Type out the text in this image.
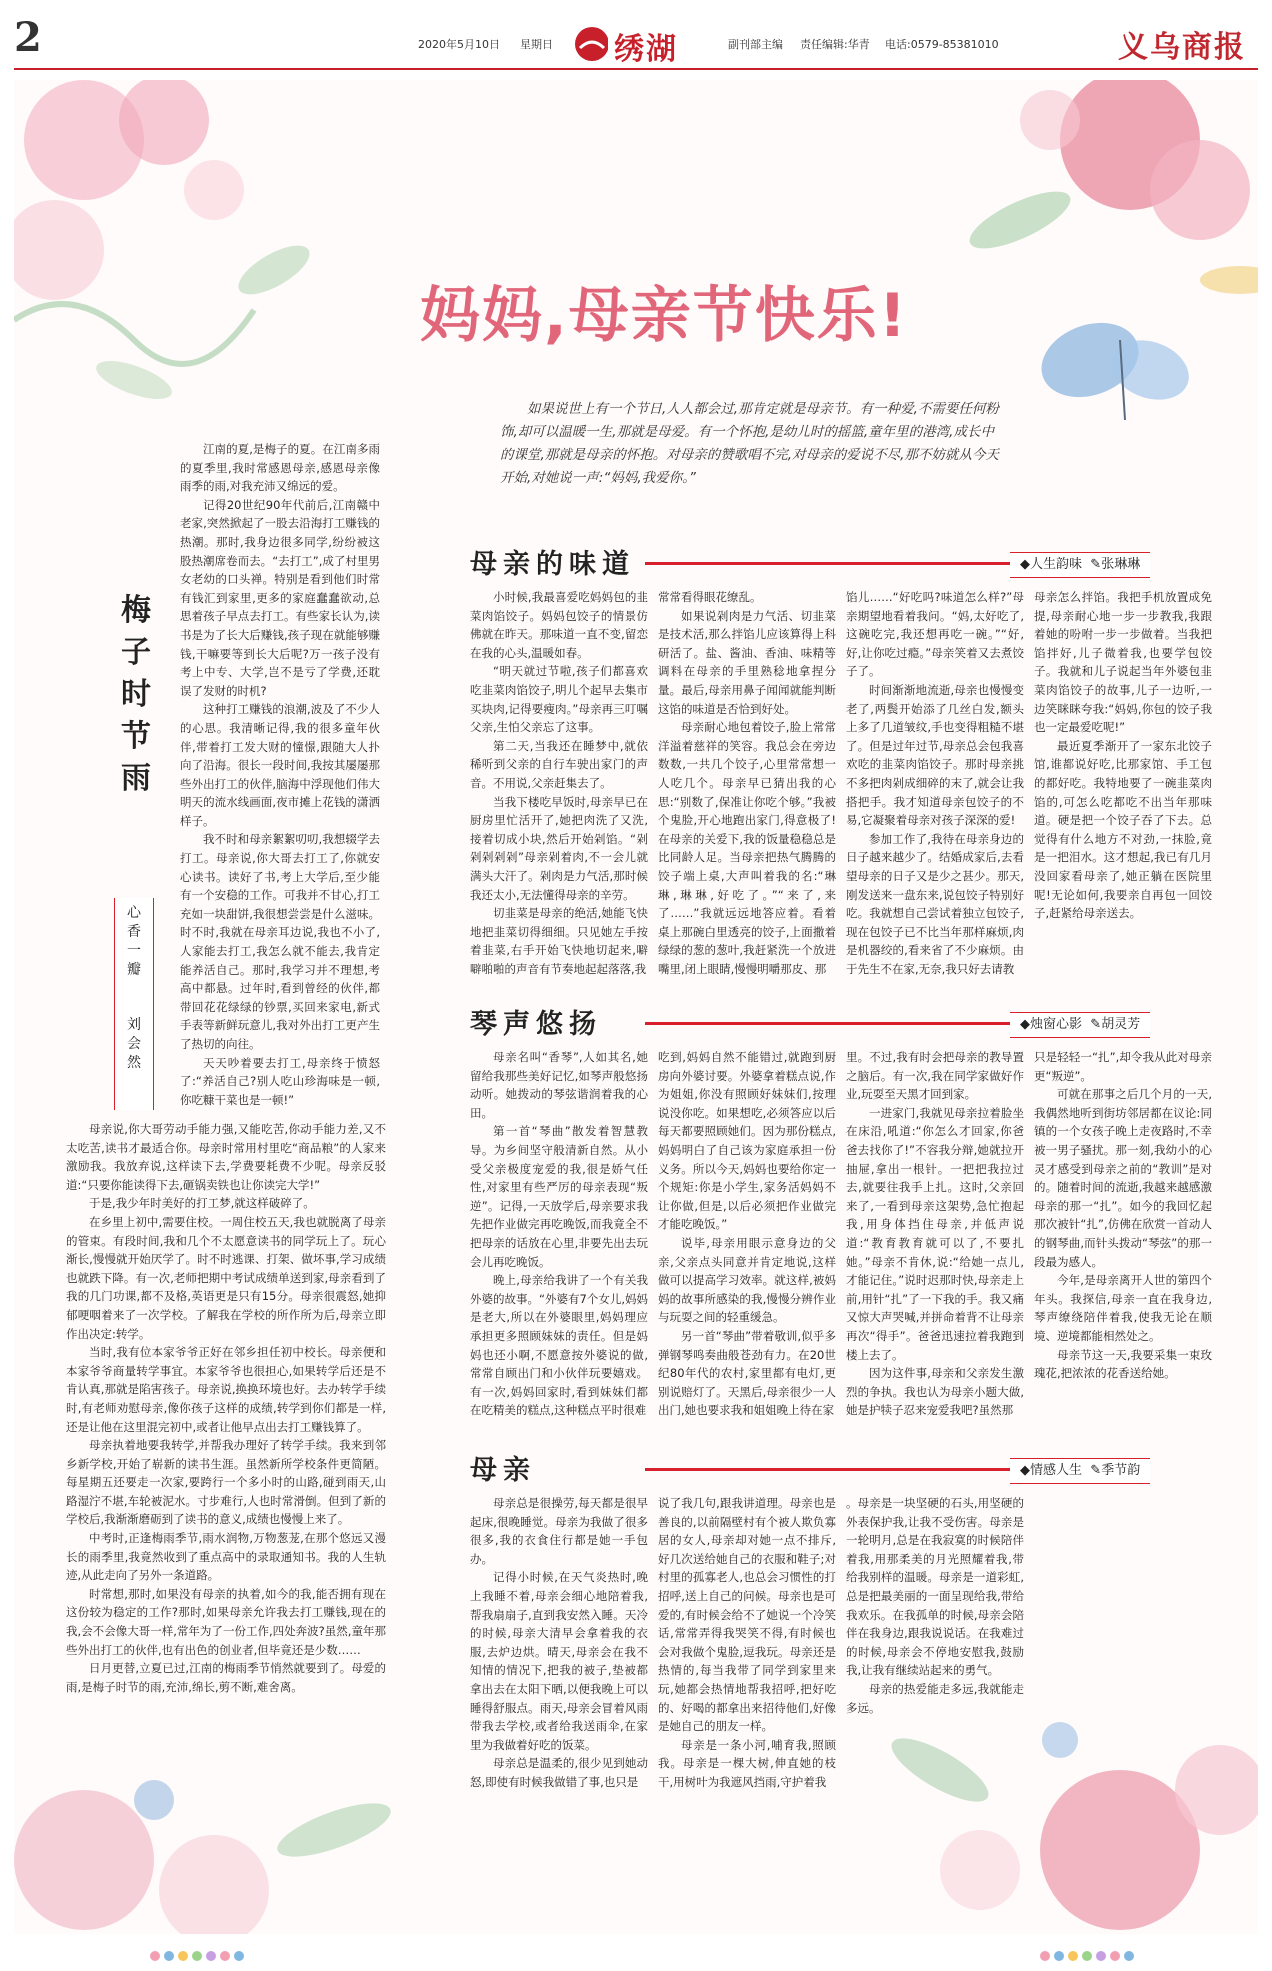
2	2020年5月10日 星期日 绣湖	副刊部主编 责任编辑:华青 电话:0579-85381010	义乌商报
妈妈,母亲节快乐!
如果说世上有一个节日,人人都会过,那肯定就是母亲节。有一种爱,不需要任何粉饰,却可以温暖一生,那就是母爱。有一个怀抱,是幼儿时的摇篮,童年里的港湾,成长中的课堂,那就是母亲的怀抱。对母亲的赞歌唱不完,对母亲的爱说不尽,那不妨就从今天开始,对她说一声:“妈妈,我爱你。”
梅子时节雨
心香一瓣
刘会然

江南的夏,是梅子的夏。在江南多雨的夏季里,我时常感恩母亲,感恩母亲像雨季的雨,对我充沛又绵远的爱。

记得20世纪90年代前后,江南赣中老家,突然掀起了一股去沿海打工赚钱的热潮。那时,我身边很多同学,纷纷被这股热潮席卷而去。“去打工”,成了村里男女老幼的口头禅。特别是看到他们时常有钱汇到家里,更多的家庭蠢蠢欲动,总思着孩子早点去打工。有些家长认为,读书是为了长大后赚钱,孩子现在就能够赚钱,干嘛要等到长大后呢?万一孩子没有考上中专、大学,岂不是亏了学费,还耽误了发财的时机?

这种打工赚钱的浪潮,波及了不少人的心思。我清晰记得,我的很多童年伙伴,带着打工发大财的憧憬,跟随大人扑向了沿海。很长一段时间,我按其屡屡那些外出打工的伙伴,脑海中浮现他们伟大明天的流水线画面,夜市摊上花钱的潇洒样子。

我不时和母亲絮絮叨叨,我想辍学去打工。母亲说,你大哥去打工了,你就安心读书。读好了书,考上大学后,至少能有一个安稳的工作。可我并不甘心,打工充如一块甜饼,我很想尝尝是什么滋味。时不时,我就在母亲耳边说,我也不小了,人家能去打工,我怎么就不能去,我肯定能养活自己。那时,我学习并不理想,考高中都悬。过年时,看到曾经的伙伴,都带回花花绿绿的钞票,买回来家电,新式手表等新鲜玩意儿,我对外出打工更产生了热切的向往。

天天吵着要去打工,母亲终于愤怒了:“养活自己?别人吃山珍海味是一顿,你吃糠干菜也是一顿!”

母亲说,你大哥劳动手能力强,又能吃苦,你动手能力差,又不太吃苦,读书才最适合你。母亲时常用村里吃“商品粮”的人家来激励我。我放弃说,这样读下去,学费要耗费不少呢。母亲反驳道:“只要你能读得下去,砸锅卖铁也让你读完大学!”

于是,我少年时美好的打工梦,就这样破碎了。

在乡里上初中,需要住校。一周住校五天,我也就脱离了母亲的管束。有段时间,我和几个不太愿意读书的同学玩上了。玩心渐长,慢慢就开始厌学了。时不时逃课、打架、做坏事,学习成绩也就跌下降。有一次,老师把期中考试成绩单送到家,母亲看到了我的几门功课,都不及格,英语更是只有15分。母亲很震怒,她抑郁哽咽着来了一次学校。了解我在学校的所作所为后,母亲立即作出决定:转学。

当时,我有位本家爷爷正好在邻乡担任初中校长。母亲便和本家爷爷商量转学事宜。本家爷爷也很担心,如果转学后还是不肯认真,那就是陷害孩子。母亲说,换换环境也好。去办转学手续时,有老师劝慰母亲,像你孩子这样的成绩,转学到你们都是一样,还是让他在这里混完初中,或者让他早点出去打工赚钱算了。

母亲执着地要我转学,并帮我办理好了转学手续。我来到邻乡新学校,开始了崭新的读书生涯。虽然新所学校条件更简陋。每星期五还要走一次家,要跨行一个多小时的山路,碰到雨天,山路湿泞不堪,车轮被泥水。寸步难行,人也时常滑倒。但到了新的学校后,我渐渐磨砺到了读书的意义,成绩也慢慢上来了。

中考时,正逢梅雨季节,雨水润物,万物葱茏,在那个悠远又漫长的雨季里,我竟然收到了重点高中的录取通知书。我的人生轨迹,从此走向了另外一条道路。

时常想,那时,如果没有母亲的执着,如今的我,能否拥有现在这份较为稳定的工作?那时,如果母亲允许我去打工赚钱,现在的我,会不会像大哥一样,常年为了一份工作,四处奔波?虽然,童年那些外出打工的伙伴,也有出色的创业者,但毕竟还是少数……

日月更替,立夏已过,江南的梅雨季节悄然就要到了。母爱的雨,是梅子时节的雨,充沛,绵长,剪不断,难舍离。

母亲的味道	◆人生韵味  ✎张琳琳

小时候,我最喜爱吃妈妈包的韭菜肉馅饺子。妈妈包饺子的情景仿佛就在昨天。那味道一直不变,留恋在我的心头,温暖如春。

“明天就过节啦,孩子们都喜欢吃韭菜肉馅饺子,明儿个起早去集市买块肉,记得要瘦肉。”母亲再三叮嘱父亲,生怕父亲忘了这事。

第二天,当我还在睡梦中,就依稀听到父亲的自行车驶出家门的声音。不用说,父亲赶集去了。

当我下楼吃早饭时,母亲早已在厨房里忙活开了,她把肉洗了又洗,接着切成小块,然后开始剁馅。“剁剁剁剁剁”母亲剁着肉,不一会儿就满头大汗了。剁肉是力气活,那时候我还太小,无法懂得母亲的辛劳。

切韭菜是母亲的绝活,她能飞快地把韭菜切得细细。只见她左手按着韭菜,右手开始飞快地切起来,噼噼啪啪的声音有节奏地起起落落,我

常常看得眼花缭乱。

如果说剁肉是力气活、切韭菜是技术活,那么拌馅儿应该算得上科研活了。盐、酱油、香油、味精等调料在母亲的手里熟稔地拿捏分量。最后,母亲用鼻子闻闻就能判断这馅的味道是否恰到好处。

母亲耐心地包着饺子,脸上常常洋溢着慈祥的笑容。我总会在旁边数数,一共几个饺子,心里常常想一人吃几个。母亲早已猜出我的心思:“别数了,保准让你吃个够。”我被个鬼脸,开心地跑出家门,得意极了!在母亲的关爱下,我的饭量稳稳总是比同龄人足。当母亲把热气腾腾的饺子端上桌,大声叫着我的名:“琳琳,琳琳,好吃了。”“来了,来了……”我就远远地答应着。看着桌上那碗白里透亮的饺子,上面撒着绿绿的葱的葱叶,我赶紧洗一个放进嘴里,闭上眼睛,慢慢明嚼那皮、那

馅儿……“好吃吗?味道怎么样?”母亲期望地看着我问。“妈,太好吃了,这碗吃完,我还想再吃一碗。”“好,好,让你吃过瘾。”母亲笑着又去煮饺子了。

时间渐渐地流逝,母亲也慢慢变老了,两鬓开始添了几丝白发,额头上多了几道皱纹,手也变得粗糙不堪了。但是过年过节,母亲总会包我喜欢吃的韭菜肉馅饺子。那时母亲挑不多把肉剁成细碎的末了,就会让我搭把手。我才知道母亲包饺子的不易,它凝聚着母亲对孩子深深的爱!

参加工作了,我待在母亲身边的日子越来越少了。结婚成家后,去看望母亲的日子又是少之甚少。那天,刚发送来一盘东来,说包饺子特别好吃。我就想自己尝试着独立包饺子,现在包饺子已不比当年那样麻烦,肉是机器绞的,看来省了不少麻烦。由于先生不在家,无奈,我只好去请教

母亲怎么拌馅。我把手机放置成免提,母亲耐心地一步一步教我,我跟着她的吩咐一步一步做着。当我把馅拌好,儿子微着我,也要学包饺子。我就和儿子说起当年外婆包韭菜肉馅饺子的故事,儿子一边听,一边笑眯眯夸我:“妈妈,你包的饺子我也一定最爱吃呢!”

最近夏季渐开了一家东北饺子馆,谁都说好吃,比那家馆、手工包的都好吃。我特地要了一碗韭菜肉馅的,可怎么吃都吃不出当年那味道。硬是把一个饺子吞了下去。总觉得有什么地方不对劲,一抹脸,竟是一把泪水。这才想起,我已有几月没回家看母亲了,她正躺在医院里呢!无论如何,我要亲自再包一回饺子,赶紧给母亲送去。

琴声悠扬	◆烛窗心影  ✎胡灵芳

母亲名叫“香琴”,人如其名,她留给我那些美好记忆,如琴声般悠扬动听。她拨动的琴弦谐润着我的心田。

第一首“琴曲”散发着智慧教导。为乡间坚守般清新自然。从小受父亲极度宠爱的我,很是娇气任性,对家里有些严厉的母亲表现“叛逆”。记得,一天放学后,母亲要求我先把作业做完再吃晚饭,而我竟全不把母亲的话放在心里,非要先出去玩会儿再吃晚饭。

晚上,母亲给我讲了一个有关我外婆的故事。“外婆有7个女儿,妈妈是老大,所以在外婆眼里,妈妈理应承担更多照顾妹妹的责任。但是妈妈也还小啊,不愿意按外婆说的做,常常自顾出门和小伙伴玩要嬉戏。有一次,妈妈回家时,看到妹妹们都在吃精美的糕点,这种糕点平时很难

吃到,妈妈自然不能错过,就跑到厨房向外婆讨要。外婆拿着糕点说,作为姐姐,你没有照顾好妹妹们,按理说没你吃。如果想吃,必须答应以后每天都要照顾她们。因为那份糕点,妈妈明白了自己该为家庭承担一份义务。所以今天,妈妈也要给你定一个规矩:你是小学生,家务活妈妈不让你做,但是,以后必须把作业做完才能吃晚饭。”

说毕,母亲用眼示意身边的父亲,父亲点头同意并肯定地说,这样做可以提高学习效率。就这样,被妈妈的故事所感染的我,慢慢分辨作业与玩耍之间的轻重缓急。

另一首“琴曲”带着敬训,似乎多弹钢琴鸣奏曲般苍劲有力。在20世纪80年代的农村,家里都有电灯,更别说赔灯了。天黑后,母亲很少一人出门,她也要求我和姐姐晚上待在家

里。不过,我有时会把母亲的教导置之脑后。有一次,我在同学家做好作业,玩耍至天黑才回到家。

一进家门,我就见母亲拉着脸坐在床沿,吼道:“你怎么才回家,你爸爸去找你了!”不容我分辩,她就拉开抽屉,拿出一根针。一把把我拉过去,就要往我手上扎。这时,父亲回来了,一看到母亲这架势,急忙抱起我,用身体挡住母亲,并低声说道:“教育教育就可以了,不要扎她。”母亲不肯休,说:“给她一点儿,才能记住。”说时迟那时快,母亲走上前,用针“扎”了一下我的手。我又痛又惊大声哭喊,并拼命着背不让母亲再次“得手”。爸爸迅速拉着我跑到楼上去了。

因为这件事,母亲和父亲发生激烈的争执。我也认为母亲小题大做,她是护犊子忍来宠爱我吧?虽然那

只是轻轻一“扎”,却令我从此对母亲更“叛逆”。

可就在那事之后几个月的一天,我偶然地听到街坊邻居都在议论:同镇的一个女孩子晚上走夜路时,不幸被一男子骚扰。那一刻,我幼小的心灵才感受到母亲之前的“教训”是对的。随着时间的流逝,我越来越感激母亲的那一“扎”。如今的我回忆起那次被针“扎”,仿佛在欣赏一首动人的钢琴曲,而针头拨动“琴弦”的那一段最为感人。

今年,是母亲离开人世的第四个年头。我探信,母亲一直在我身边,琴声缭绕陪伴着我,使我无论在顺境、逆境都能相然处之。

母亲节这一天,我要采集一束玫瑰花,把浓浓的花香送给她。

母亲	◆情感人生  ✎季节韵

母亲总是很操劳,每天都是很早起床,很晚睡觉。母亲为我做了很多很多,我的衣食住行都是她一手包办。

记得小时候,在天气炎热时,晚上我睡不着,母亲会细心地陪着我,帮我扇扇子,直到我安然入睡。天冷的时候,母亲大清早会拿着我的衣服,去炉边烘。晴天,母亲会在我不知情的情况下,把我的被子,垫被都拿出去在太阳下晒,以便我晚上可以睡得舒服点。雨天,母亲会冒着风雨带我去学校,或者给我送雨伞,在家里为我做着好吃的饭菜。

母亲总是温柔的,很少见到她动怒,即使有时候我做错了事,也只是

说了我几句,跟我讲道理。母亲也是善良的,以前隔壁村有个被人欺负寡居的女人,母亲却对她一点不排斥,好几次送给她自己的衣服和鞋子;对村里的孤寡老人,也总会习惯性的打招呼,送上自己的问候。母亲也是可爱的,有时候会给不了她说一个冷笑话,常常弄得我哭笑不得,有时候也会对我做个鬼脸,逗我玩。母亲还是热情的,每当我带了同学到家里来玩,她都会热情地帮我招呼,把好吃的、好喝的都拿出来招待他们,好像是她自己的朋友一样。

母亲是一条小河,哺育我,照顾我。母亲是一棵大树,伸直她的枝干,用树叶为我遮风挡雨,守护着我

。母亲是一块坚硬的石头,用坚硬的外表保护我,让我不受伤害。母亲是一轮明月,总是在我寂寞的时候陪伴着我,用那柔美的月光照耀着我,带给我别样的温暖。母亲是一道彩虹,总是把最美丽的一面呈现给我,带给我欢乐。在我孤单的时候,母亲会陪伴在我身边,跟我说说话。在我难过的时候,母亲会不停地安慰我,鼓励我,让我有继续站起来的勇气。

母亲的热爱能走多远,我就能走多远。
